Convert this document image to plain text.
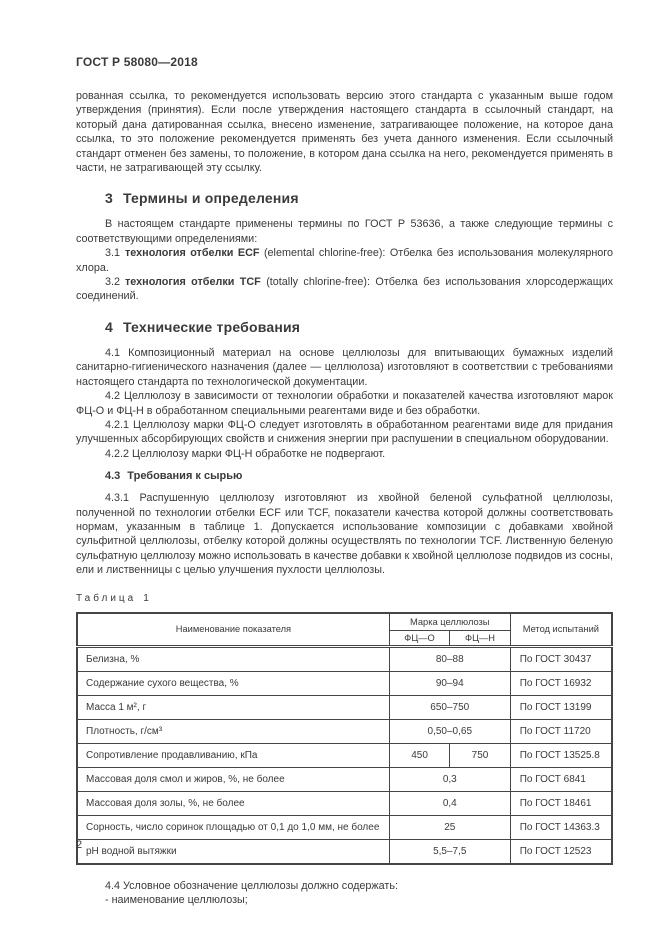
ГОСТ Р 58080—2018

рованная ссылка, то рекомендуется использовать версию этого стандарта с указанным выше годом утверждения (принятия). Если после утверждения настоящего стандарта в ссылочный стандарт, на который дана датированная ссылка, внесено изменение, затрагивающее положение, на которое дана ссылка, то это положение рекомендуется применять без учета данного изменения. Если ссылочный стандарт отменен без замены, то положение, в котором дана ссылка на него, рекомендуется применять в части, не затрагивающей эту ссылку.

3 Термины и определения

В настоящем стандарте применены термины по ГОСТ Р 53636, а также следующие термины с соответствующими определениями:

3.1 технология отбелки ECF (elemental chlorine-free): Отбелка без использования молекулярного хлора.

3.2 технология отбелки TCF (totally chlorine-free): Отбелка без использования хлорсодержащих соединений.

4 Технические требования

4.1 Композиционный материал на основе целлюлозы для впитывающих бумажных изделий санитарно-гигиенического назначения (далее — целлюлоза) изготовляют в соответствии с требованиями настоящего стандарта по технологической документации.

4.2 Целлюлозу в зависимости от технологии обработки и показателей качества изготовляют марок ФЦ-О и ФЦ-Н в обработанном специальными реагентами виде и без обработки.

4.2.1 Целлюлозу марки ФЦ-О следует изготовлять в обработанном реагентами виде для придания улучшенных абсорбирующих свойств и снижения энергии при распушении в специальном оборудовании.

4.2.2 Целлюлозу марки ФЦ-Н обработке не подвергают.

4.3 Требования к сырью

4.3.1 Распушенную целлюлозу изготовляют из хвойной беленой сульфатной целлюлозы, полученной по технологии отбелки ECF или TCF, показатели качества которой должны соответствовать нормам, указанным в таблице 1. Допускается использование композиции с добавками хвойной сульфитной целлюлозы, отбелку которой должны осуществлять по технологии TCF. Лиственную беленую сульфатную целлюлозу можно использовать в качестве добавки к хвойной целлюлозе подвидов из сосны, ели и лиственницы с целью улучшения пухлости целлюлозы.

Таблица 1

Наименование показателя	Марка целлюлозы		Метод испытаний
	ФЦ—О	ФЦ—Н	
Белизна, %	80–88		По ГОСТ 30437
Содержание сухого вещества, %	90–94		По ГОСТ 16932
Масса 1 м², г	650–750		По ГОСТ 13199
Плотность, г/см³	0,50–0,65		По ГОСТ 11720
Сопротивление продавливанию, кПа	450	750	По ГОСТ 13525.8
Массовая доля смол и жиров, %, не более	0,3		По ГОСТ 6841
Массовая доля золы, %, не более	0,4		По ГОСТ 18461
Сорность, число соринок площадью от 0,1 до 1,0 мм, не более	25		По ГОСТ 14363.3
pH водной вытяжки	5,5–7,5		По ГОСТ 12523

4.4 Условное обозначение целлюлозы должно содержать:

- наименование целлюлозы;

2
